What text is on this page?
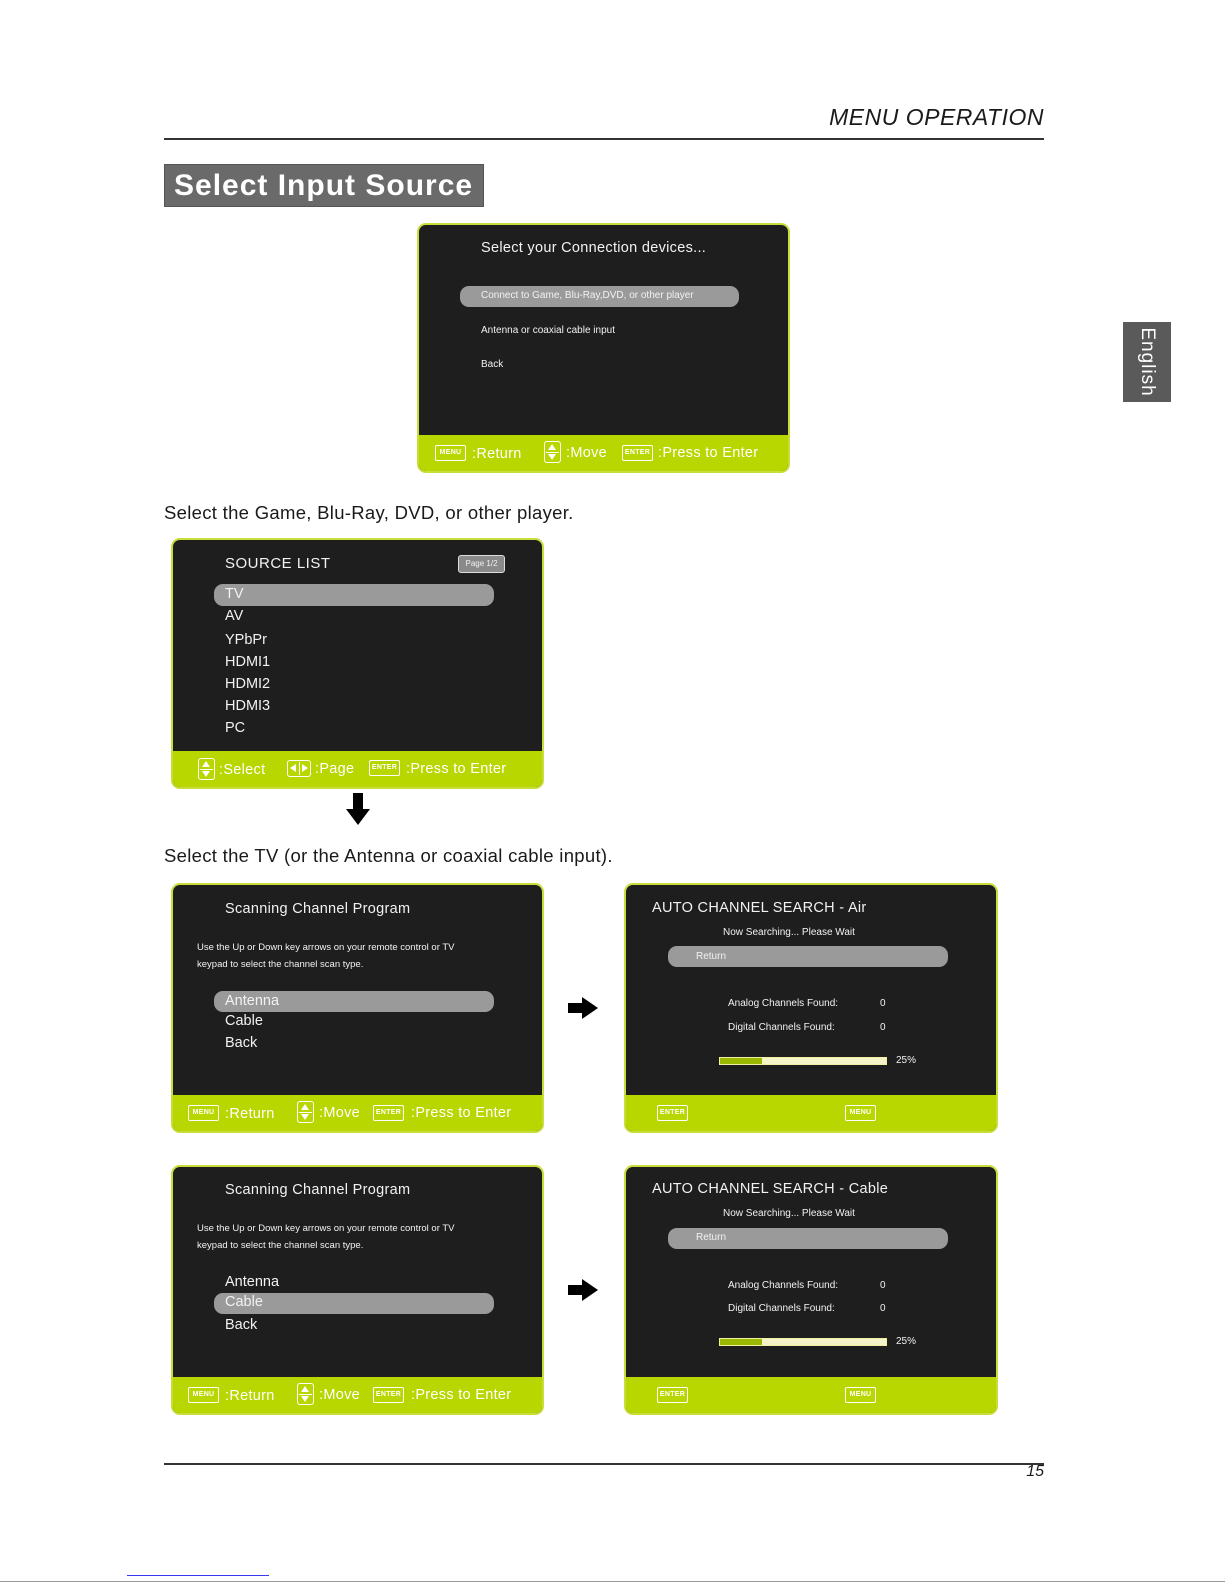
MENU OPERATION
Select Input Source
English
Select your Connection devices...
Connect to Game, Blu-Ray,DVD, or other player
Antenna or coaxial cable input
Back
MENU :Return	:Move	ENTER :Press to Enter
Select the Game, Blu-Ray, DVD, or other player.
SOURCE LIST	Page 1/2
TV
AV
YPbPr
HDMI1
HDMI2
HDMI3
PC
:Select	:Page	ENTER :Press to Enter
Select the TV (or the Antenna or coaxial cable input).
Scanning Channel Program
Use the Up or Down key arrows on your remote control or TV
keypad to select the channel scan type.
Antenna
Cable
Back
MENU :Return	:Move	ENTER :Press to Enter
AUTO CHANNEL SEARCH - Air
Now Searching... Please Wait
Return
Analog Channels Found:	0
Digital Channels Found:	0
25%
ENTER	MENU
Scanning Channel Program
Use the Up or Down key arrows on your remote control or TV
keypad to select the channel scan type.
Antenna
Cable
Back
MENU :Return	:Move	ENTER :Press to Enter
AUTO CHANNEL SEARCH - Cable
Now Searching... Please Wait
Return
Analog Channels Found:	0
Digital Channels Found:	0
25%
ENTER	MENU
15
